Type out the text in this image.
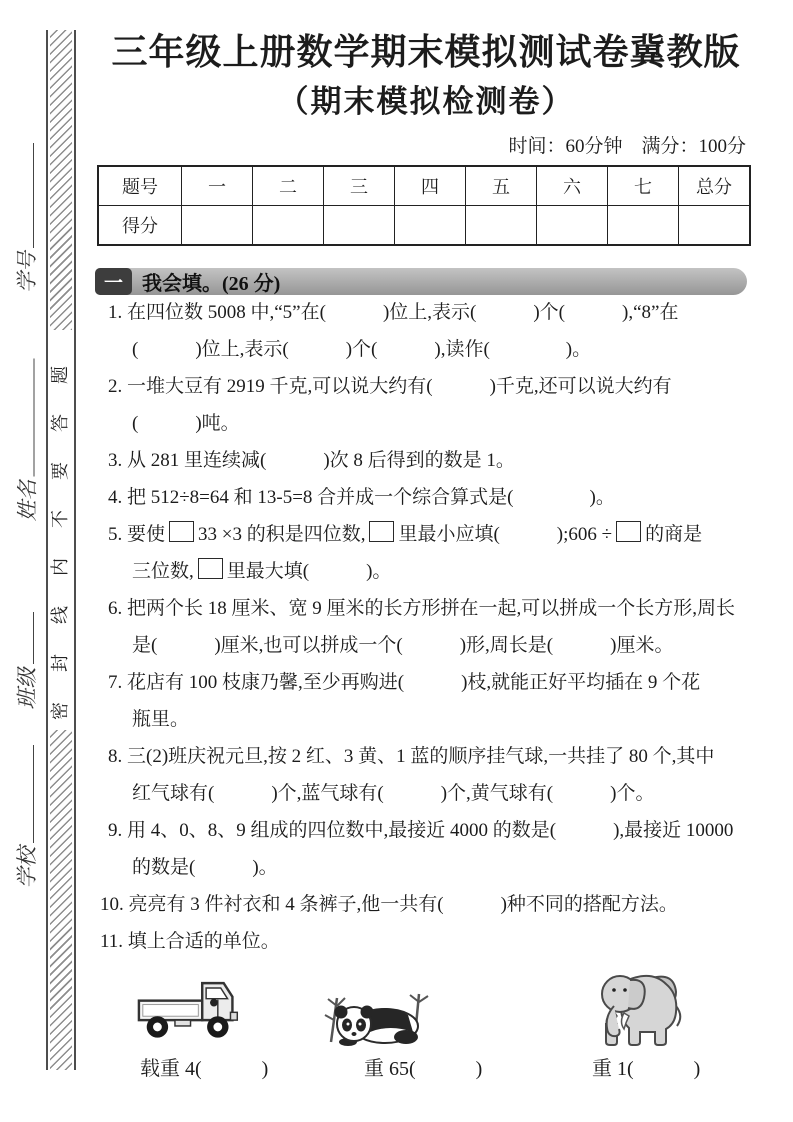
学号
姓名
班级
学校
密封线内不要答题
三年级上册数学期末模拟测试卷冀教版
（期末模拟检测卷）
时间：60分钟　满分：100分
题号	一	二	三	四	五	六	七	总分
得分								
一 我会填。(26 分)
1. 在四位数 5008 中,“5”在(　　　)位上,表示(　　　)个(　　　),“8”在
(　　　)位上,表示(　　　)个(　　　),读作(　　　　)。
2. 一堆大豆有 2919 千克,可以说大约有(　　　)千克,还可以说大约有
(　　　)吨。
3. 从 281 里连续减(　　　)次 8 后得到的数是 1。
4. 把 512÷8=64 和 13-5=8 合并成一个综合算式是(　　　　)。
5. 要使 33 ×3 的积是四位数, 里最小应填(　　　);606 ÷ 的商是
三位数, 里最大填(　　　)。
6. 把两个长 18 厘米、宽 9 厘米的长方形拼在一起,可以拼成一个长方形,周长
是(　　　)厘米,也可以拼成一个(　　　)形,周长是(　　　)厘米。
7. 花店有 100 枝康乃馨,至少再购进(　　　)枝,就能正好平均插在 9 个花
瓶里。
8. 三(2)班庆祝元旦,按 2 红、3 黄、1 蓝的顺序挂气球,一共挂了 80 个,其中
红气球有(　　　)个,蓝气球有(　　　)个,黄气球有(　　　)个。
9. 用 4、0、8、9 组成的四位数中,最接近 4000 的数是(　　　),最接近 10000
的数是(　　　)。
10. 亮亮有 3 件衬衣和 4 条裤子,他一共有(　　　)种不同的搭配方法。
11. 填上合适的单位。
载重 4(　　　)	重 65(　　　)	重 1(　　　)
